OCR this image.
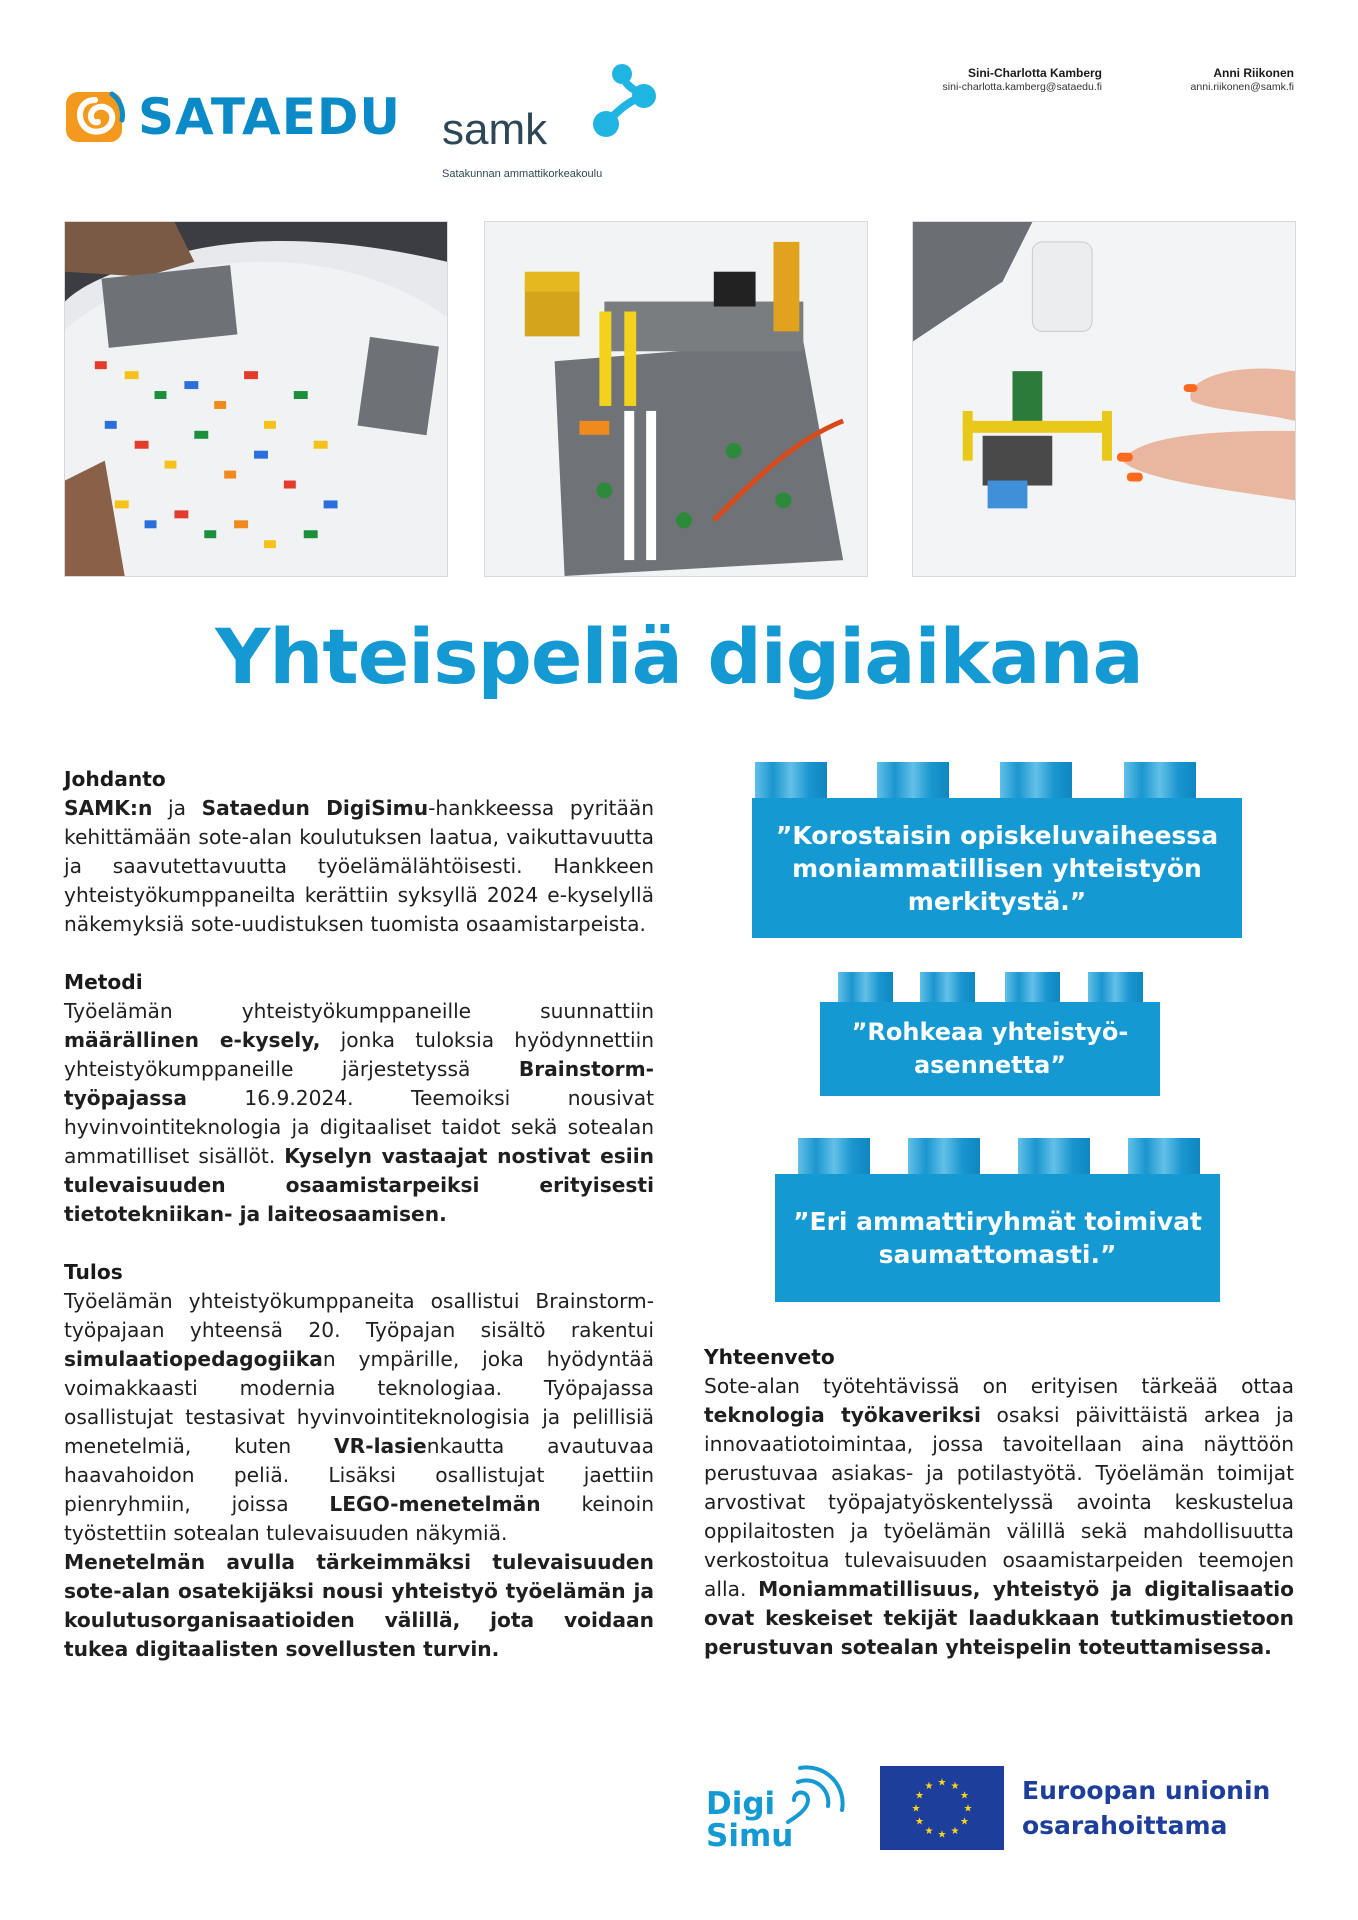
SATAEDU samk
Satakunnan ammattikorkeakoulu
Sini-Charlotta Kamberg
sini-charlotta.kamberg@sataedu.fi
Anni Riikonen
anni.riikonen@samk.fi
Yhteispeliä digiaikana
Johdanto

SAMK:n ja Sataedun DigiSimu-hankkeessa pyritään kehittämään sote-alan koulutuksen laatua, vaikuttavuutta ja saavutettavuutta työelämälähtöisesti. Hankkeen yhteistyökumppaneilta kerättiin syksyllä 2024 e-kyselyllä näkemyksiä sote-uudistuksen tuomista osaamistarpeista.

Metodi

Työelämän yhteistyökumppaneille suunnattiin määrällinen e-kysely, jonka tuloksia hyödynnettiin yhteistyökumppaneille järjestetyssä Brainstorm-työpajassa 16.9.2024. Teemoiksi nousivat hyvinvointiteknologia ja digitaaliset taidot sekä sotealan ammatilliset sisällöt. Kyselyn vastaajat nostivat esiin tulevaisuuden osaamistarpeiksi erityisesti tietotekniikan- ja laiteosaamisen.

Tulos

Työelämän yhteistyökumppaneita osallistui Brainstorm-työpajaan yhteensä 20. Työpajan sisältö rakentui simulaatiopedagogiikan ympärille, joka hyödyntää voimakkaasti modernia teknologiaa. Työpajassa osallistujat testasivat hyvinvointiteknologisia ja pelillisiä menetelmiä, kuten VR-lasienkautta avautuvaa haavahoidon peliä. Lisäksi osallistujat jaettiin pienryhmiin, joissa LEGO-menetelmän keinoin työstettiin sotealan tulevaisuuden näkymiä.

Menetelmän avulla tärkeimmäksi tulevaisuuden sote-alan osatekijäksi nousi yhteistyö työelämän ja koulutusorganisaatioiden välillä, jota voidaan tukea digitaalisten sovellusten turvin.

”Korostaisin opiskeluvaiheessa moniammatillisen yhteistyön merkitystä.”
”Rohkeaa yhteistyö-asennetta”
”Eri ammattiryhmät toimivat saumattomasti.”
Yhteenveto

Sote-alan työtehtävissä on erityisen tärkeää ottaa teknologia työkaveriksi osaksi päivittäistä arkea ja innovaatiotoimintaa, jossa tavoitellaan aina näyttöön perustuvaa asiakas- ja potilastyötä. Työelämän toimijat arvostivat työpajatyöskentelyssä avointa keskustelua oppilaitosten ja työelämän välillä sekä mahdollisuutta verkostoitua tulevaisuuden osaamistarpeiden teemojen alla. Moniammatillisuus, yhteistyö ja digitalisaatio ovat keskeiset tekijät laadukkaan tutkimustietoon perustuvan sotealan yhteispelin toteuttamisessa.

Digi
Simu
★ ★
★
★
★
★
★
★
★
★
★
★	Euroopan unionin
osarahoittama
